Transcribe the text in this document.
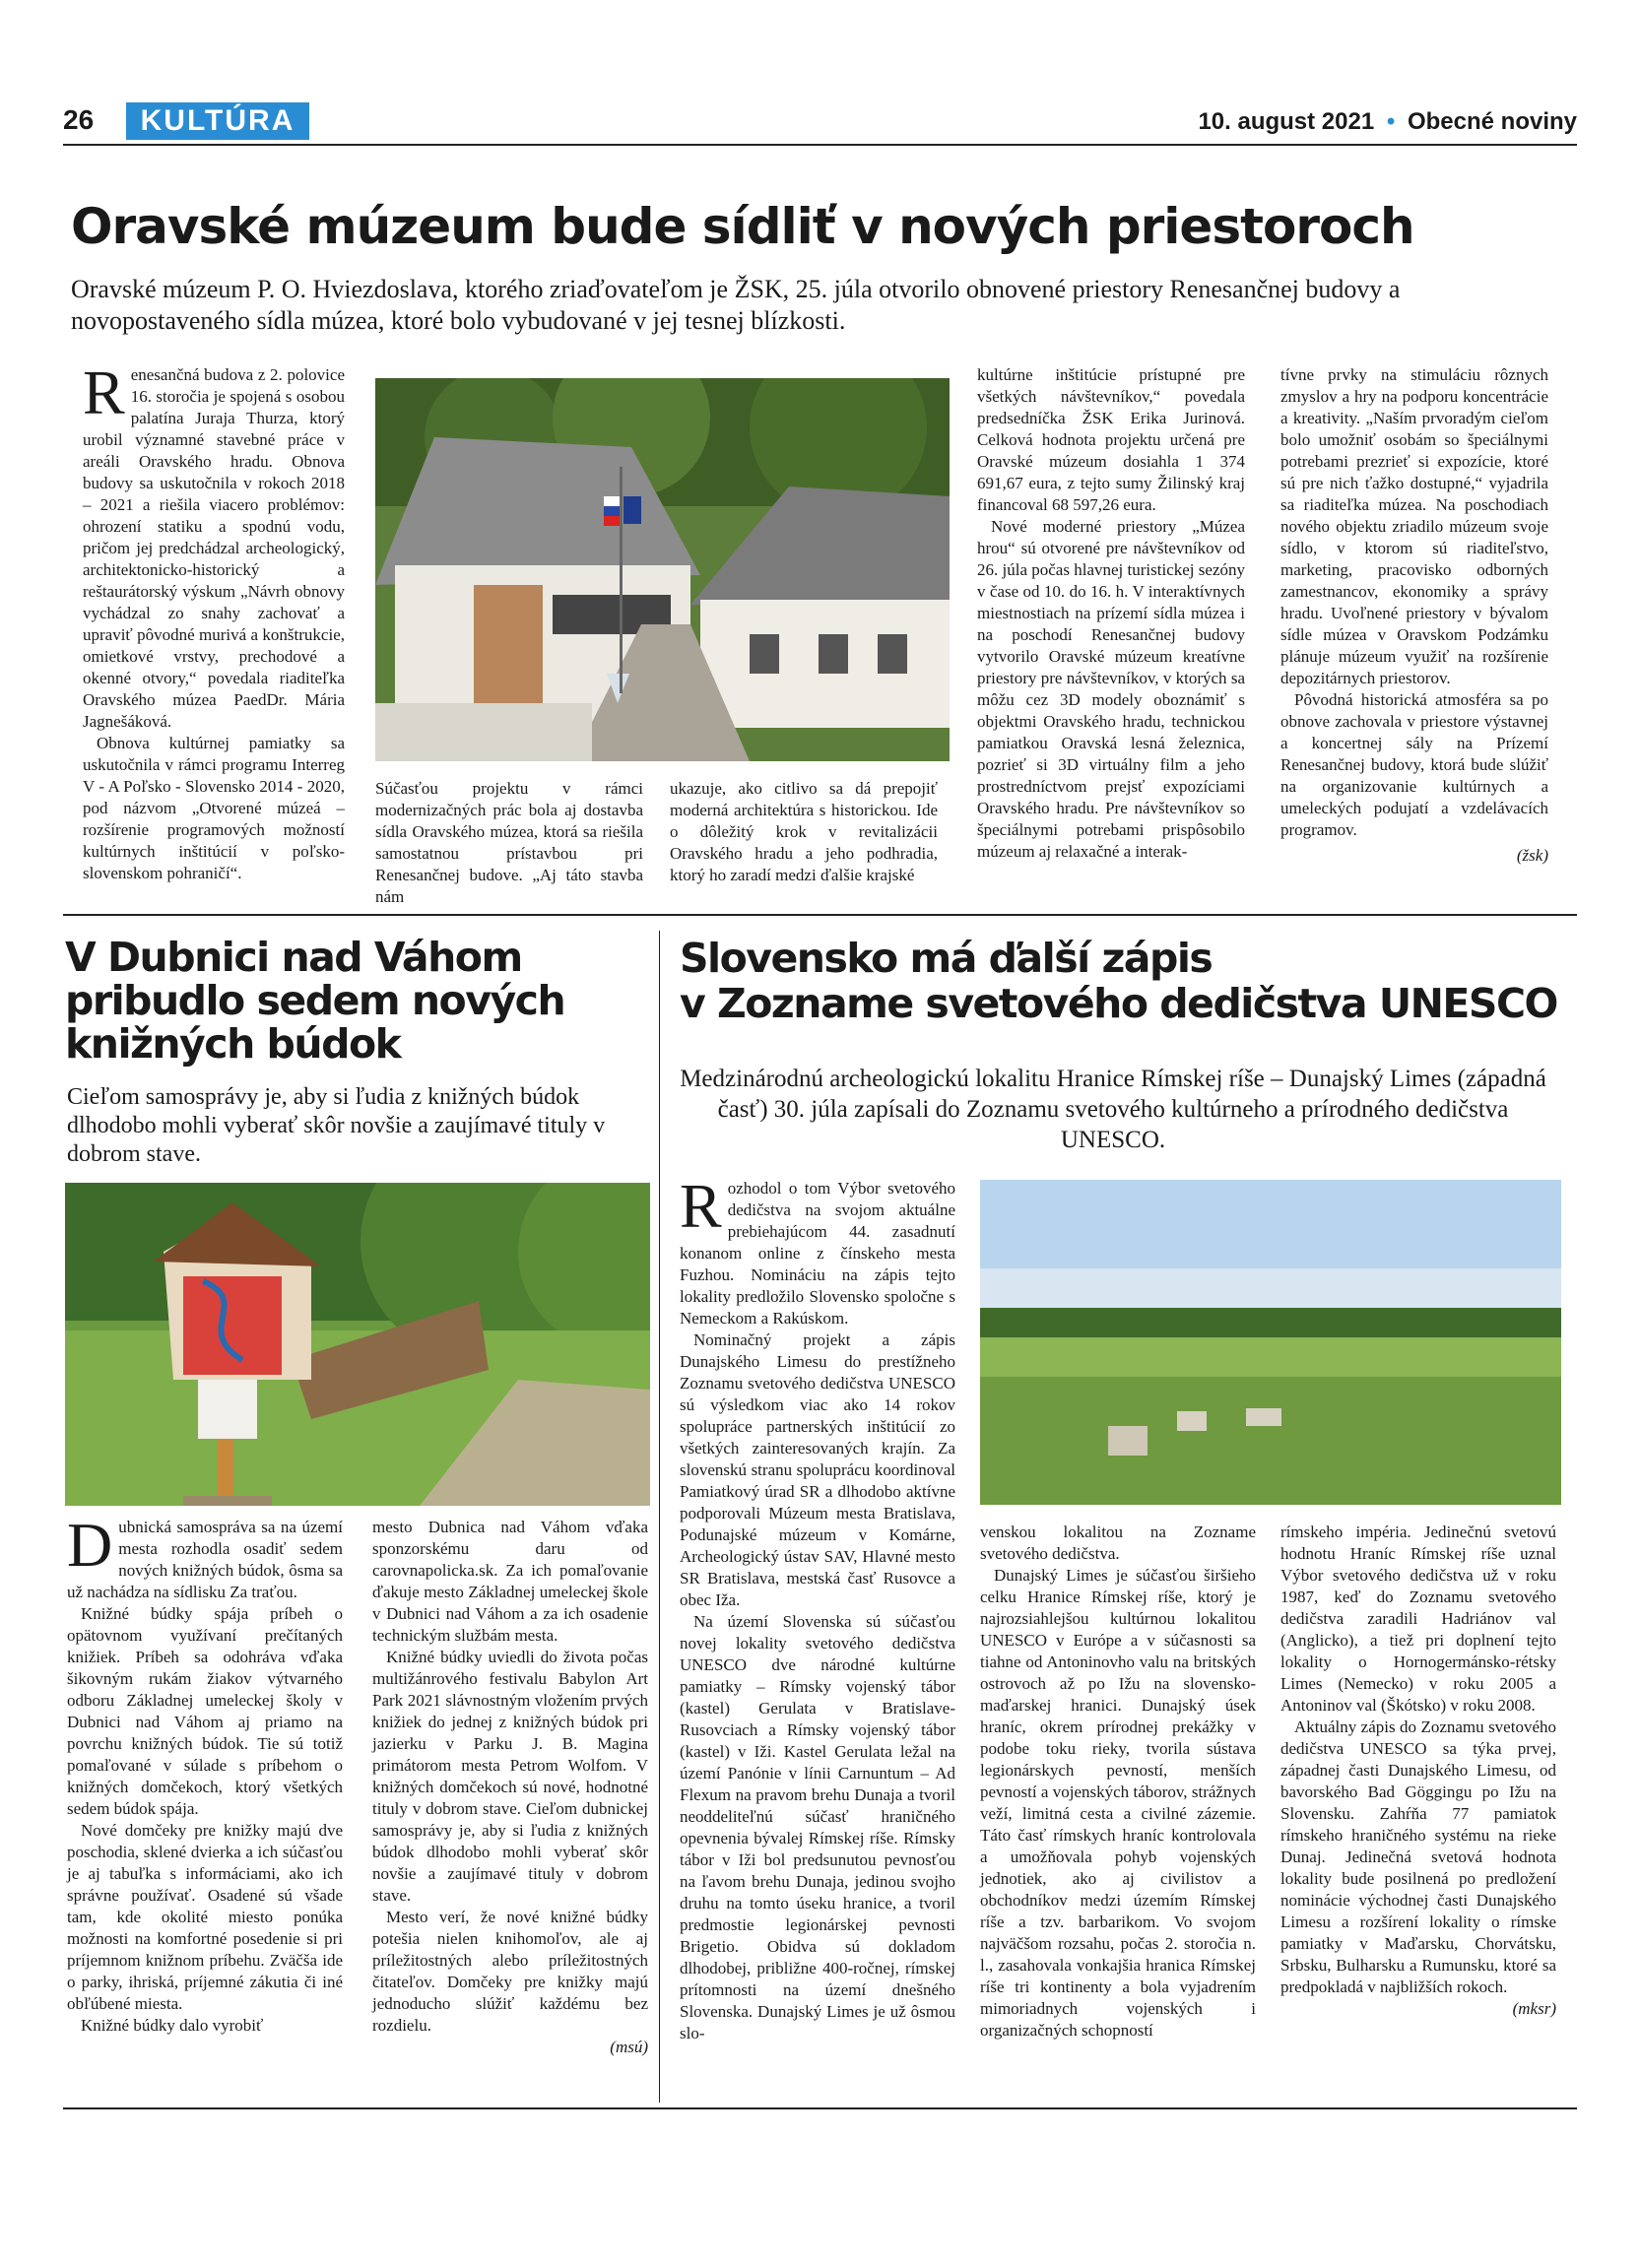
26	KULTÚRA	10. august 2021 • Obecné noviny
Oravské múzeum bude sídliť v nových priestoroch
Oravské múzeum P. O. Hviezdoslava, ktorého zriaďovateľom je ŽSK, 25. júla otvorilo obnovené priestory Renesančnej budovy a novopostaveného sídla múzea, ktoré bolo vybudované v jej tesnej blízkosti.

Renesančná budova z 2. polovice 16. storočia je spojená s osobou palatína Juraja Thurza, ktorý urobil významné stavebné práce v areáli Oravského hradu. Obnova budovy sa uskutočnila v rokoch 2018 – 2021 a riešila viacero problémov: ohrození statiku a spodnú vodu, pričom jej predchádzal archeologický, architektonicko-historický a reštaurátorský výskum „Návrh obnovy vychádzal zo snahy zachovať a upraviť pôvodné murivá a konštrukcie, omietkové vrstvy, prechodové a okenné otvory,“ povedala riaditeľka Oravského múzea PaedDr. Mária Jagnešáková.

Obnova kultúrnej pamiatky sa uskutočnila v rámci programu Interreg V - A Poľsko - Slovensko 2014 - 2020, pod názvom „Otvorené múzeá – rozšírenie programových možností kultúrnych inštitúcií v poľsko-slovenskom pohraničí“.

Súčasťou projektu v rámci modernizačných prác bola aj dostavba sídla Oravského múzea, ktorá sa riešila samostatnou prístavbou pri Renesančnej budove. „Aj táto stavba nám

ukazuje, ako citlivo sa dá prepojiť moderná architektúra s historickou. Ide o dôležitý krok v revitalizácii Oravského hradu a jeho podhradia, ktorý ho zaradí medzi ďalšie krajské

kultúrne inštitúcie prístupné pre všetkých návštevníkov,“ povedala predsedníčka ŽSK Erika Jurinová. Celková hodnota projektu určená pre Oravské múzeum dosiahla 1 374 691,67 eura, z tejto sumy Žilinský kraj financoval 68 597,26 eura.

Nové moderné priestory „Múzea hrou“ sú otvorené pre návštevníkov od 26. júla počas hlavnej turistickej sezóny v čase od 10. do 16. h. V interaktívnych miestnostiach na prízemí sídla múzea i na poschodí Renesančnej budovy vytvorilo Oravské múzeum kreatívne priestory pre návštevníkov, v ktorých sa môžu cez 3D modely oboznámiť s objektmi Oravského hradu, technickou pamiatkou Oravská lesná železnica, pozrieť si 3D virtuálny film a jeho prostredníctvom prejsť expozíciami Oravského hradu. Pre návštevníkov so špeciálnymi potrebami prispôsobilo múzeum aj relaxačné a interak-

tívne prvky na stimuláciu rôznych zmyslov a hry na podporu koncentrácie a kreativity. „Naším prvoradým cieľom bolo umožniť osobám so špeciálnymi potrebami prezrieť si expozície, ktoré sú pre nich ťažko dostupné,“ vyjadrila sa riaditeľka múzea. Na poschodiach nového objektu zriadilo múzeum svoje sídlo, v ktorom sú riaditeľstvo, marketing, pracovisko odborných zamestnancov, ekonomiky a správy hradu. Uvoľnené priestory v bývalom sídle múzea v Oravskom Podzámku plánuje múzeum využiť na rozšírenie depozitárnych priestorov.

Pôvodná historická atmosféra sa po obnove zachovala v priestore výstavnej a koncertnej sály na Prízemí Renesančnej budovy, ktorá bude slúžiť na organizovanie kultúrnych a umeleckých podujatí a vzdelávacích programov.

(žsk)
V Dubnici nad Váhom
pribudlo sedem nových
knižných búdok
Cieľom samosprávy je, aby si ľudia z knižných búdok dlhodobo mohli vyberať skôr novšie a zaujímavé tituly v dobrom stave.

Dubnická samospráva sa na území mesta rozhodla osadiť sedem nových knižných búdok, ôsma sa už nachádza na sídlisku Za traťou.

Knižné búdky spája príbeh o opätovnom využívaní prečítaných knižiek. Príbeh sa odohráva vďaka šikovným rukám žiakov výtvarného odboru Základnej umeleckej školy v Dubnici nad Váhom aj priamo na povrchu knižných búdok. Tie sú totiž pomaľované v súlade s príbehom o knižných domčekoch, ktorý všetkých sedem búdok spája.

Nové domčeky pre knižky majú dve poschodia, sklené dvierka a ich súčasťou je aj tabuľka s informáciami, ako ich správne používať. Osadené sú všade tam, kde okolité miesto ponúka možnosti na komfortné posedenie si pri príjemnom knižnom príbehu. Zväčša ide o parky, ihriská, príjemné zákutia či iné obľúbené miesta.

Knižné búdky dalo vyrobiť

mesto Dubnica nad Váhom vďaka sponzorskému daru od carovnapolicka.sk. Za ich pomaľovanie ďakuje mesto Základnej umeleckej škole v Dubnici nad Váhom a za ich osadenie technickým službám mesta.

Knižné búdky uviedli do života počas multižánrového festivalu Babylon Art Park 2021 slávnostným vložením prvých knižiek do jednej z knižných búdok pri jazierku v Parku J. B. Magina primátorom mesta Petrom Wolfom. V knižných domčekoch sú nové, hodnotné tituly v dobrom stave. Cieľom dubnickej samosprávy je, aby si ľudia z knižných búdok dlhodobo mohli vyberať skôr novšie a zaujímavé tituly v dobrom stave.

Mesto verí, že nové knižné búdky potešia nielen knihomoľov, ale aj príležitostných alebo príležitostných čitateľov. Domčeky pre knižky majú jednoducho slúžiť každému bez rozdielu.

(msú)
Slovensko má ďalší zápis
v Zozname svetového dedičstva UNESCO
Medzinárodnú archeologickú lokalitu Hranice Rímskej ríše – Dunajský Limes (západná časť) 30. júla zapísali do Zoznamu svetového kultúrneho a prírodného dedičstva UNESCO.

Rozhodol o tom Výbor svetového dedičstva na svojom aktuálne prebiehajúcom 44. zasadnutí konanom online z čínskeho mesta Fuzhou. Nomináciu na zápis tejto lokality predložilo Slovensko spoločne s Nemeckom a Rakúskom.

Nominačný projekt a zápis Dunajského Limesu do prestížneho Zoznamu svetového dedičstva UNESCO sú výsledkom viac ako 14 rokov spolupráce partnerských inštitúcií zo všetkých zainteresovaných krajín. Za slovenskú stranu spoluprácu koordinoval Pamiatkový úrad SR a dlhodobo aktívne podporovali Múzeum mesta Bratislava, Podunajské múzeum v Komárne, Archeologický ústav SAV, Hlavné mesto SR Bratislava, mestská časť Rusovce a obec Iža.

Na území Slovenska sú súčasťou novej lokality svetového dedičstva UNESCO dve národné kultúrne pamiatky – Rímsky vojenský tábor (kastel) Gerulata v Bratislave-Rusovciach a Rímsky vojenský tábor (kastel) v Iži. Kastel Gerulata ležal na území Panónie v línii Carnuntum – Ad Flexum na pravom brehu Dunaja a tvoril neoddeliteľnú súčasť hraničného opevnenia bývalej Rímskej ríše. Rímsky tábor v Iži bol predsunutou pevnosťou na ľavom brehu Dunaja, jedinou svojho druhu na tomto úseku hranice, a tvoril predmostie legionárskej pevnosti Brigetio. Obidva sú dokladom dlhodobej, približne 400-ročnej, rímskej prítomnosti na území dnešného Slovenska. Dunajský Limes je už ôsmou slo-

venskou lokalitou na Zozname svetového dedičstva.

Dunajský Limes je súčasťou širšieho celku Hranice Rímskej ríše, ktorý je najrozsiahlejšou kultúrnou lokalitou UNESCO v Európe a v súčasnosti sa tiahne od Antoninovho valu na britských ostrovoch až po Ižu na slovensko-maďarskej hranici. Dunajský úsek hraníc, okrem prírodnej prekážky v podobe toku rieky, tvorila sústava legionárskych pevností, menších pevností a vojenských táborov, strážnych veží, limitná cesta a civilné zázemie. Táto časť rímskych hraníc kontrolovala a umožňovala pohyb vojenských jednotiek, ako aj civilistov a obchodníkov medzi územím Rímskej ríše a tzv. barbarikom. Vo svojom najväčšom rozsahu, počas 2. storočia n. l., zasahovala vonkajšia hranica Rímskej ríše tri kontinenty a bola vyjadrením mimoriadnych vojenských i organizačných schopností

rímskeho impéria. Jedinečnú svetovú hodnotu Hraníc Rímskej ríše uznal Výbor svetového dedičstva už v roku 1987, keď do Zoznamu svetového dedičstva zaradili Hadriánov val (Anglicko), a tiež pri doplnení tejto lokality o Hornogermánsko-rétsky Limes (Nemecko) v roku 2005 a Antoninov val (Škótsko) v roku 2008.

Aktuálny zápis do Zoznamu svetového dedičstva UNESCO sa týka prvej, západnej časti Dunajského Limesu, od bavorského Bad Göggingu po Ižu na Slovensku. Zahŕňa 77 pamiatok rímskeho hraničného systému na rieke Dunaj. Jedinečná svetová hodnota lokality bude posilnená po predložení nominácie východnej časti Dunajského Limesu a rozšírení lokality o rímske pamiatky v Maďarsku, Chorvátsku, Srbsku, Bulharsku a Rumunsku, ktoré sa predpokladá v najbližších rokoch.

(mksr)
